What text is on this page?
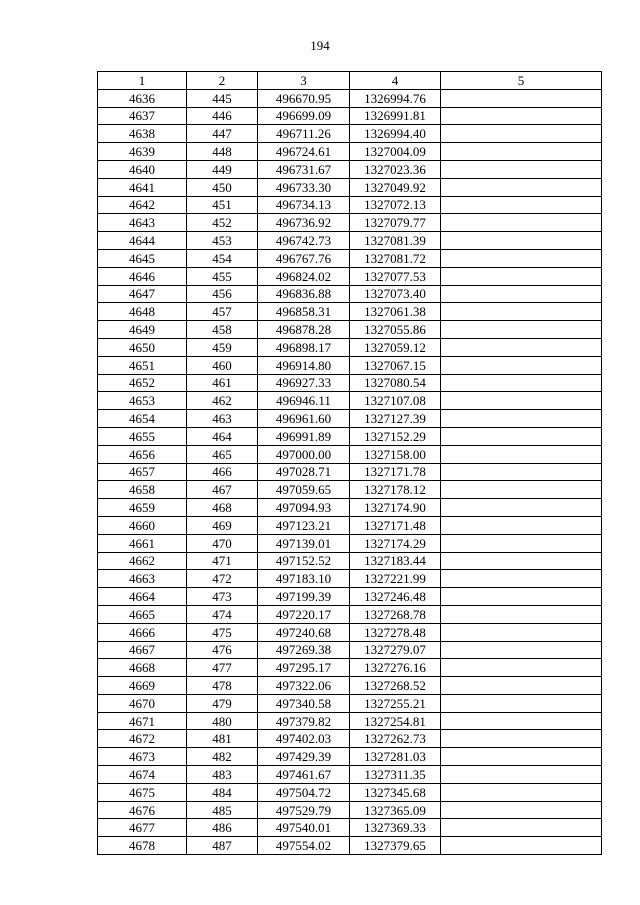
194
1	2	3	4	5
4636	445	496670.95	1326994.76	
4637	446	496699.09	1326991.81	
4638	447	496711.26	1326994.40	
4639	448	496724.61	1327004.09	
4640	449	496731.67	1327023.36	
4641	450	496733.30	1327049.92	
4642	451	496734.13	1327072.13	
4643	452	496736.92	1327079.77	
4644	453	496742.73	1327081.39	
4645	454	496767.76	1327081.72	
4646	455	496824.02	1327077.53	
4647	456	496836.88	1327073.40	
4648	457	496858.31	1327061.38	
4649	458	496878.28	1327055.86	
4650	459	496898.17	1327059.12	
4651	460	496914.80	1327067.15	
4652	461	496927.33	1327080.54	
4653	462	496946.11	1327107.08	
4654	463	496961.60	1327127.39	
4655	464	496991.89	1327152.29	
4656	465	497000.00	1327158.00	
4657	466	497028.71	1327171.78	
4658	467	497059.65	1327178.12	
4659	468	497094.93	1327174.90	
4660	469	497123.21	1327171.48	
4661	470	497139.01	1327174.29	
4662	471	497152.52	1327183.44	
4663	472	497183.10	1327221.99	
4664	473	497199.39	1327246.48	
4665	474	497220.17	1327268.78	
4666	475	497240.68	1327278.48	
4667	476	497269.38	1327279.07	
4668	477	497295.17	1327276.16	
4669	478	497322.06	1327268.52	
4670	479	497340.58	1327255.21	
4671	480	497379.82	1327254.81	
4672	481	497402.03	1327262.73	
4673	482	497429.39	1327281.03	
4674	483	497461.67	1327311.35	
4675	484	497504.72	1327345.68	
4676	485	497529.79	1327365.09	
4677	486	497540.01	1327369.33	
4678	487	497554.02	1327379.65	
